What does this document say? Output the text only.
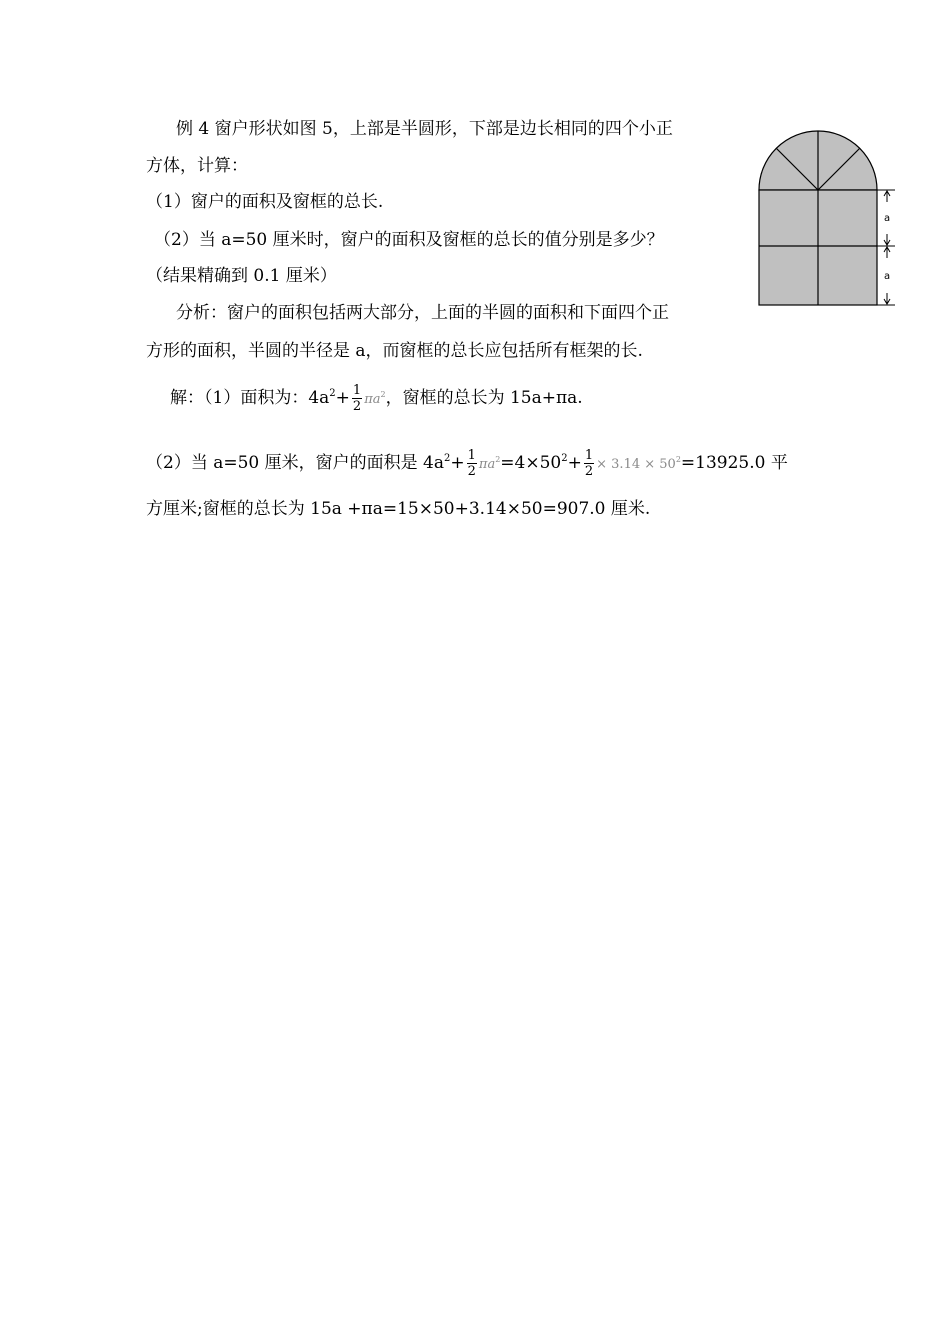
例 4 窗户形状如图 5，上部是半圆形，下部是边长相同的四个小正
方体，计算：
（1）窗户的面积及窗框的总长.
（2）当 a=50 厘米时，窗户的面积及窗框的总长的值分别是多少？
（结果精确到 0.1 厘米）
分析：窗户的面积包括两大部分，上面的半圆的面积和下面四个正
方形的面积，半圆的半径是 a，而窗框的总长应包括所有框架的长.
解：（1）面积为：$4a^2+ \frac{1}{2} \pi a^2$，窗框的总长为 15a+πa.
（2）当 a=50 厘米，窗户的面积是 $4a^2+ \frac{1}{2} \pi a^2=4\times 50^2+ \frac{1}{2} \times 3.14 \times 50^2=13925.0$ 平
方厘米;窗框的总长为 15a +πa=15×50+3.14×50=907.0 厘米.
a
a
